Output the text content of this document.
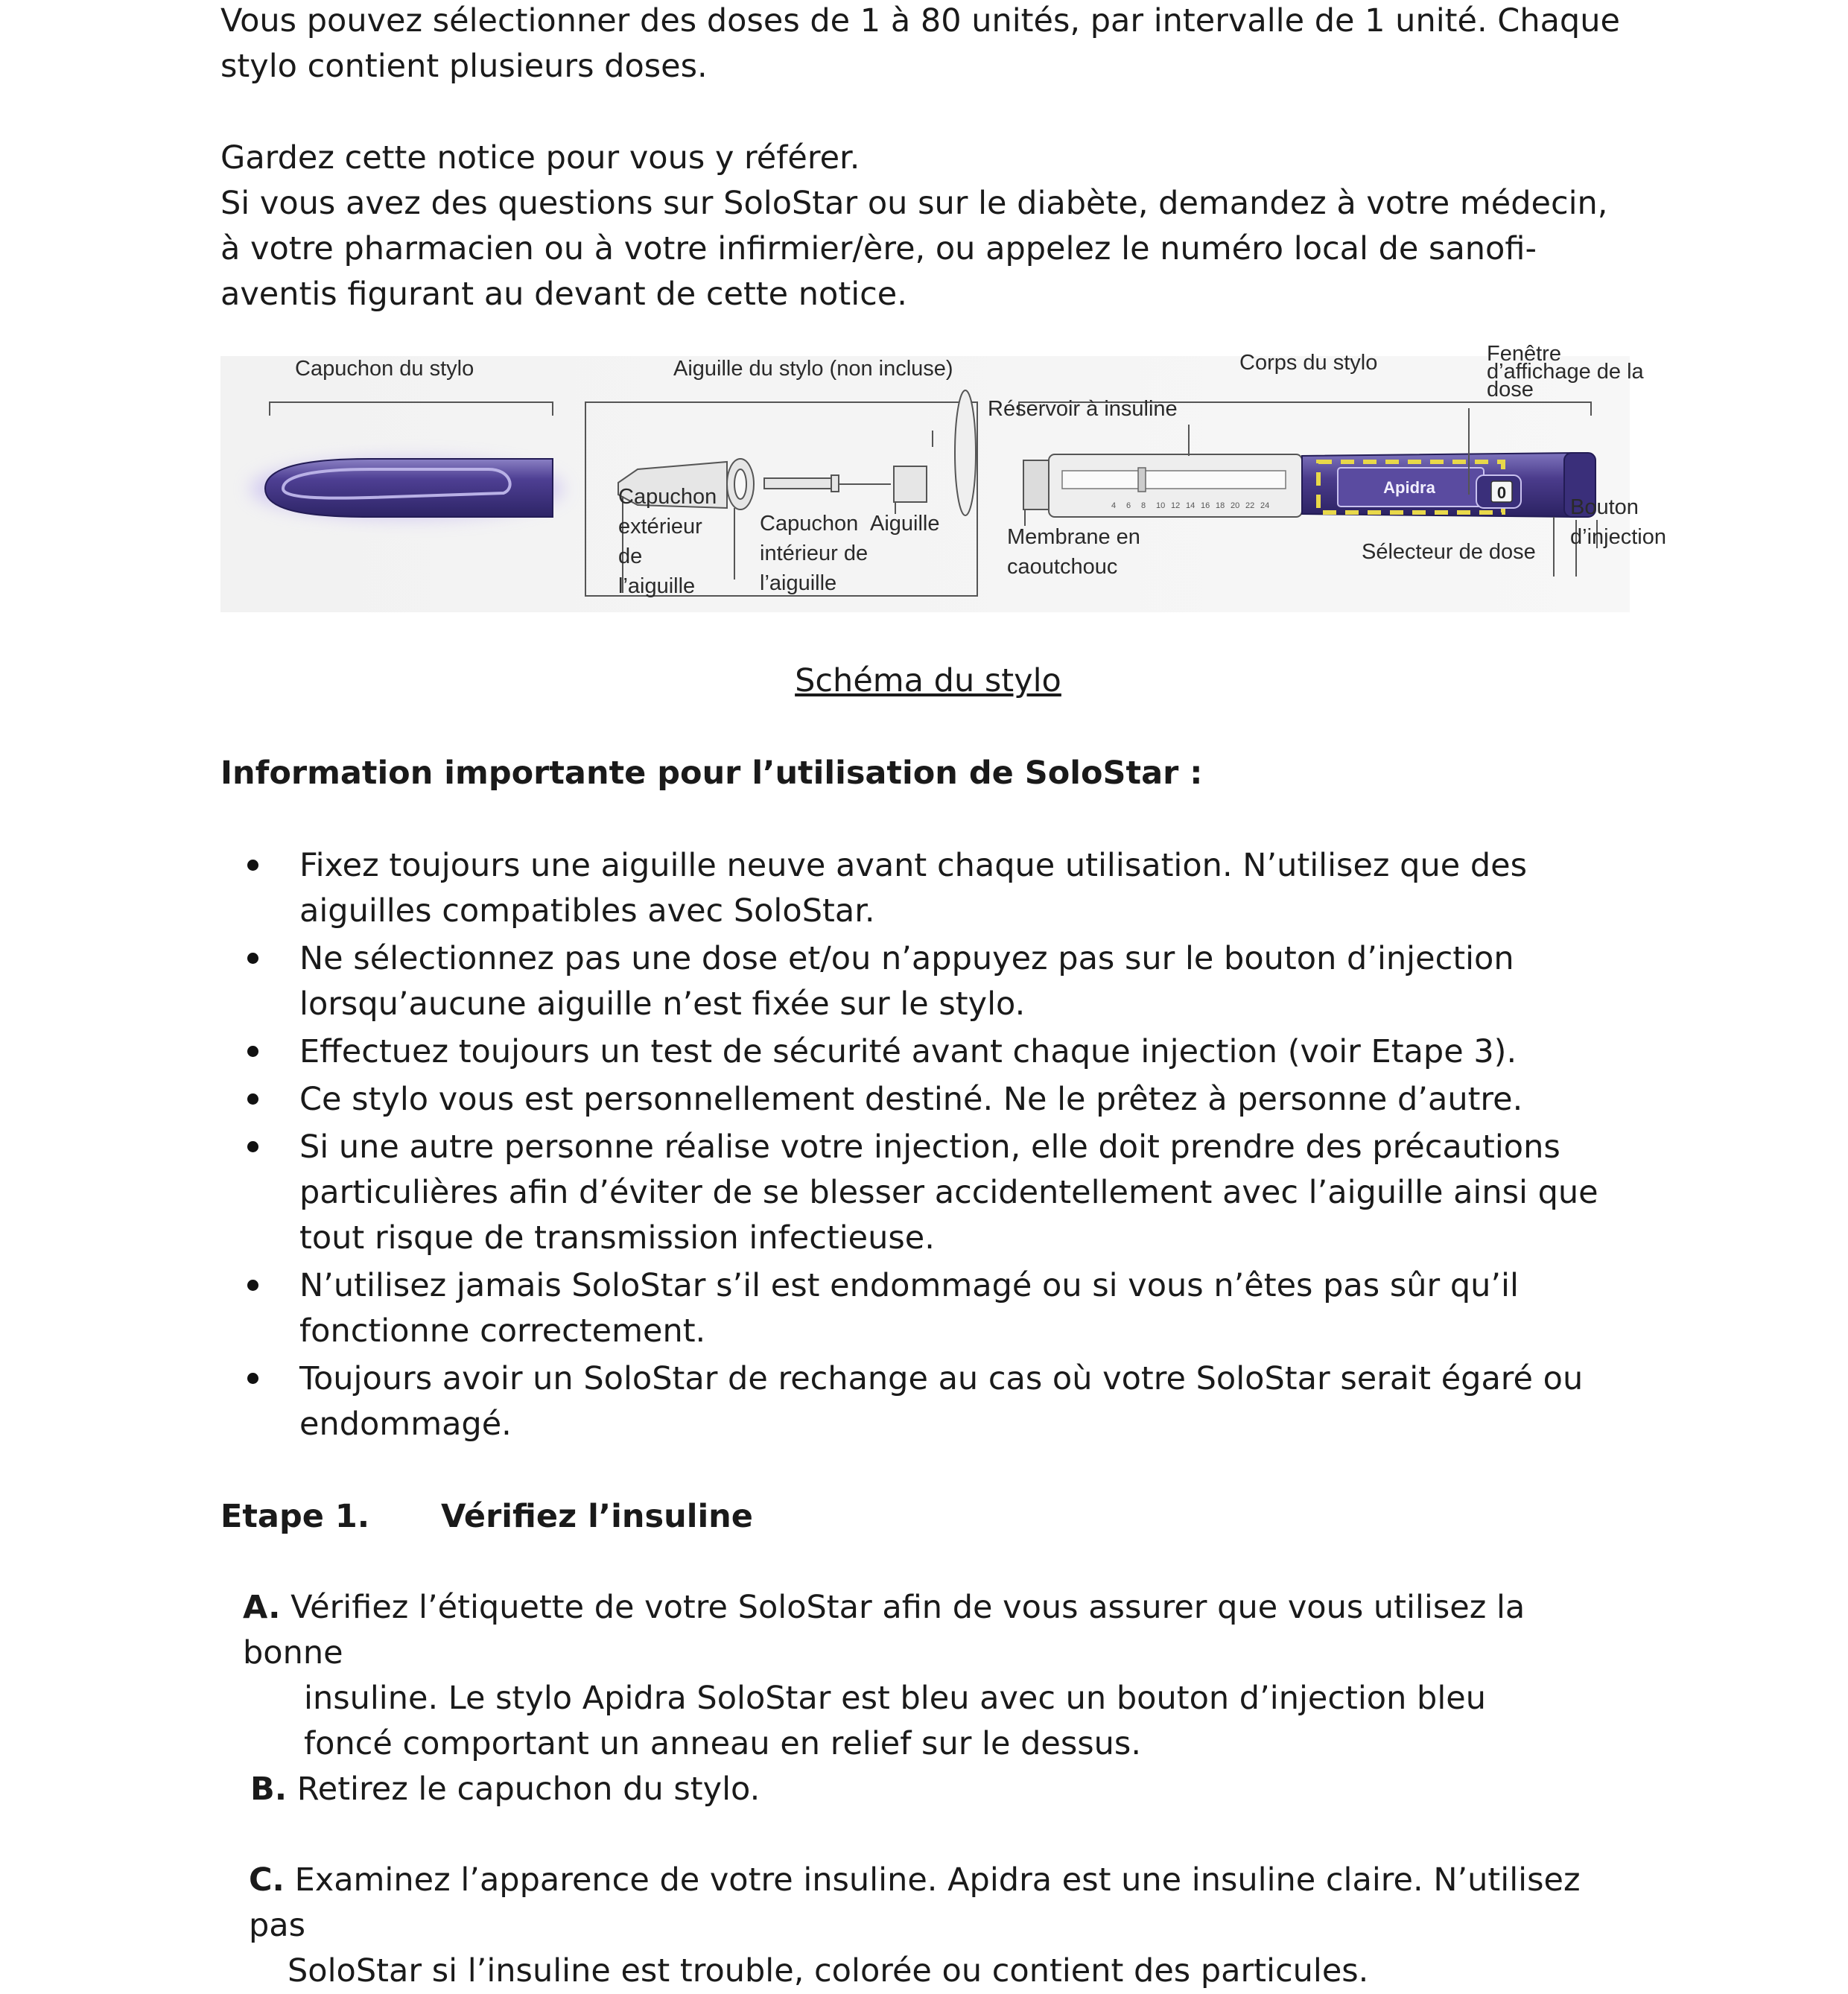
Vous pouvez sélectionner des doses de 1 à 80 unités, par intervalle de 1 unité. Chaque stylo contient plusieurs doses.

Gardez cette notice pour vous y référer.

Si vous avez des questions sur SoloStar ou sur le diabète, demandez à votre médecin, à votre pharmacien ou à votre infirmier/ère, ou appelez le numéro local de sanofi-aventis figurant au devant de cette notice.

Schéma du stylo
Information importante pour l’utilisation de SoloStar :
Fixez toujours une aiguille neuve avant chaque utilisation. N’utilisez que des aiguilles compatibles avec SoloStar.
Ne sélectionnez pas une dose et/ou n’appuyez pas sur le bouton d’injection lorsqu’aucune aiguille n’est fixée sur le stylo.
Effectuez toujours un test de sécurité avant chaque injection (voir Etape 3).
Ce stylo vous est personnellement destiné. Ne le prêtez à personne d’autre.
Si une autre personne réalise votre injection, elle doit prendre des précautions particulières afin d’éviter de se blesser accidentellement avec l’aiguille ainsi que tout risque de transmission infectieuse.
N’utilisez jamais SoloStar s’il est endommagé ou si vous n’êtes pas sûr qu’il fonctionne correctement.
Toujours avoir un SoloStar de rechange au cas où votre SoloStar serait égaré ou endommagé.
Etape 1. Vérifiez l’insuline
A. Vérifiez l’étiquette de votre SoloStar afin de vous assurer que vous utilisez la bonne
insuline. Le stylo Apidra SoloStar est bleu avec un bouton d’injection bleu foncé comportant un anneau en relief sur le dessus.
B. Retirez le capuchon du stylo.
C. Examinez l’apparence de votre insuline. Apidra est une insuline claire. N’utilisez pas
SoloStar si l’insuline est trouble, colorée ou contient des particules.
4 6 8 10 12 14 16 18 20 22 24
Apidra	0
Capuchon du stylo	Aiguille du stylo (non incluse)	Corps du stylo	Fenêtre
d’affichage de la
dose
Réservoir à insuline
Capuchon
extérieur
de
l’aiguille
Capuchon
intérieur de
l’aiguille
Aiguille
Membrane en
caoutchouc
Sélecteur de dose
Bouton
d’injection
